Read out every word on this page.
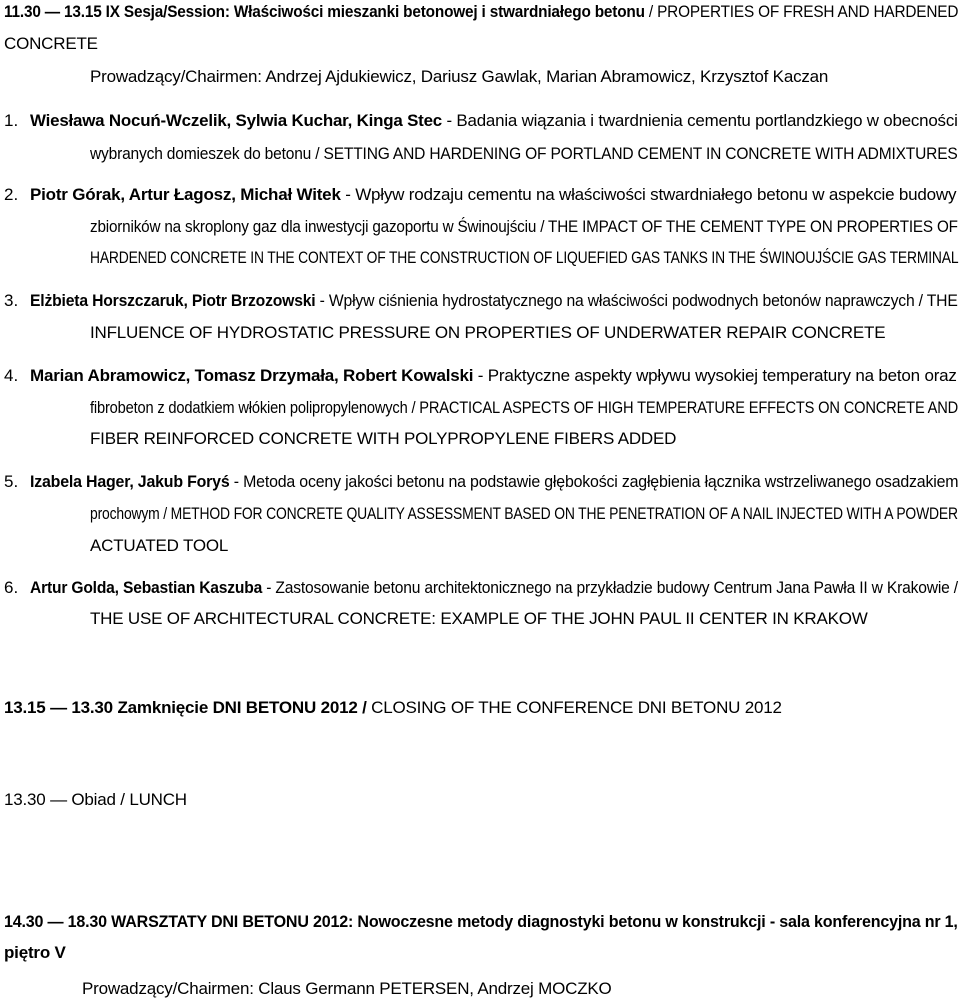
11.30 — 13.15 IX Sesja/Session: Właściwości mieszanki betonowej i stwardniałego betonu / PROPERTIES OF FRESH AND HARDENED
CONCRETE
Prowadzący/Chairmen: Andrzej Ajdukiewicz, Dariusz Gawlak, Marian Abramowicz, Krzysztof Kaczan
1. Wiesława Nocuń-Wczelik, Sylwia Kuchar, Kinga Stec - Badania wiązania i twardnienia cementu portlandzkiego w obecności
wybranych domieszek do betonu / SETTING AND HARDENING OF PORTLAND CEMENT IN CONCRETE WITH ADMIXTURES
2. Piotr Górak, Artur Łagosz, Michał Witek - Wpływ rodzaju cementu na właściwości stwardniałego betonu w aspekcie budowy
zbiorników na skroplony gaz dla inwestycji gazoportu w Świnoujściu / THE IMPACT OF THE CEMENT TYPE ON PROPERTIES OF
HARDENED CONCRETE IN THE CONTEXT OF THE CONSTRUCTION OF LIQUEFIED GAS TANKS IN THE ŚWINOUJŚCIE GAS TERMINAL
3. Elżbieta Horszczaruk, Piotr Brzozowski - Wpływ ciśnienia hydrostatycznego na właściwości podwodnych betonów naprawczych / THE
INFLUENCE OF HYDROSTATIC PRESSURE ON PROPERTIES OF UNDERWATER REPAIR CONCRETE
4. Marian Abramowicz, Tomasz Drzymała, Robert Kowalski - Praktyczne aspekty wpływu wysokiej temperatury na beton oraz
fibrobeton z dodatkiem włókien polipropylenowych / PRACTICAL ASPECTS OF HIGH TEMPERATURE EFFECTS ON CONCRETE AND
FIBER REINFORCED CONCRETE WITH POLYPROPYLENE FIBERS ADDED
5. Izabela Hager, Jakub Foryś - Metoda oceny jakości betonu na podstawie głębokości zagłębienia łącznika wstrzeliwanego osadzakiem
prochowym / METHOD FOR CONCRETE QUALITY ASSESSMENT BASED ON THE PENETRATION OF A NAIL INJECTED WITH A POWDER
ACTUATED TOOL
6. Artur Golda, Sebastian Kaszuba - Zastosowanie betonu architektonicznego na przykładzie budowy Centrum Jana Pawła II w Krakowie /
THE USE OF ARCHITECTURAL CONCRETE: EXAMPLE OF THE JOHN PAUL II CENTER IN KRAKOW
13.15 — 13.30 Zamknięcie DNI BETONU 2012 / CLOSING OF THE CONFERENCE DNI BETONU 2012
13.30 — Obiad / LUNCH
14.30 — 18.30 WARSZTATY DNI BETONU 2012: Nowoczesne metody diagnostyki betonu w konstrukcji - sala konferencyjna nr 1,
piętro V
Prowadzący/Chairmen: Claus Germann PETERSEN, Andrzej MOCZKO
